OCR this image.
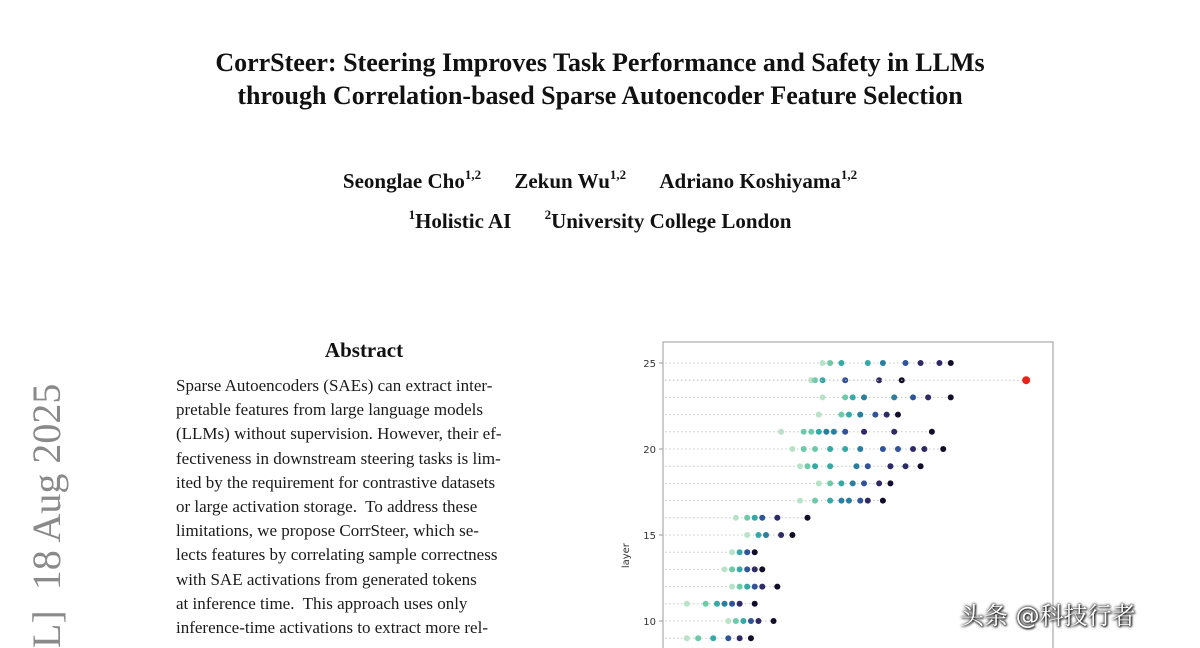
CorrSteer: Steering Improves Task Performance and Safety in LLMs
through Correlation-based Sparse Autoencoder Feature Selection
Seonglae Cho$^{1,2}$ Zekun Wu$^{1,2}$ Adriano Koshiyama$^{1,2}$
$^1$Holistic AI	$^2$University College London
L]  18 Aug 2025
Abstract
Sparse Autoencoders (SAEs) can extract inter-
pretable features from large language models
(LLMs) without supervision. However, their ef-
fectiveness in downstream steering tasks is lim-
ited by the requirement for contrastive datasets
or large activation storage.  To address these
limitations, we propose CorrSteer, which se-
lects features by correlating sample correctness
with SAE activations from generated tokens
at inference time.  This approach uses only
inference-time activations to extract more rel-	10
15
20
25
layer
头条 @科技行者
